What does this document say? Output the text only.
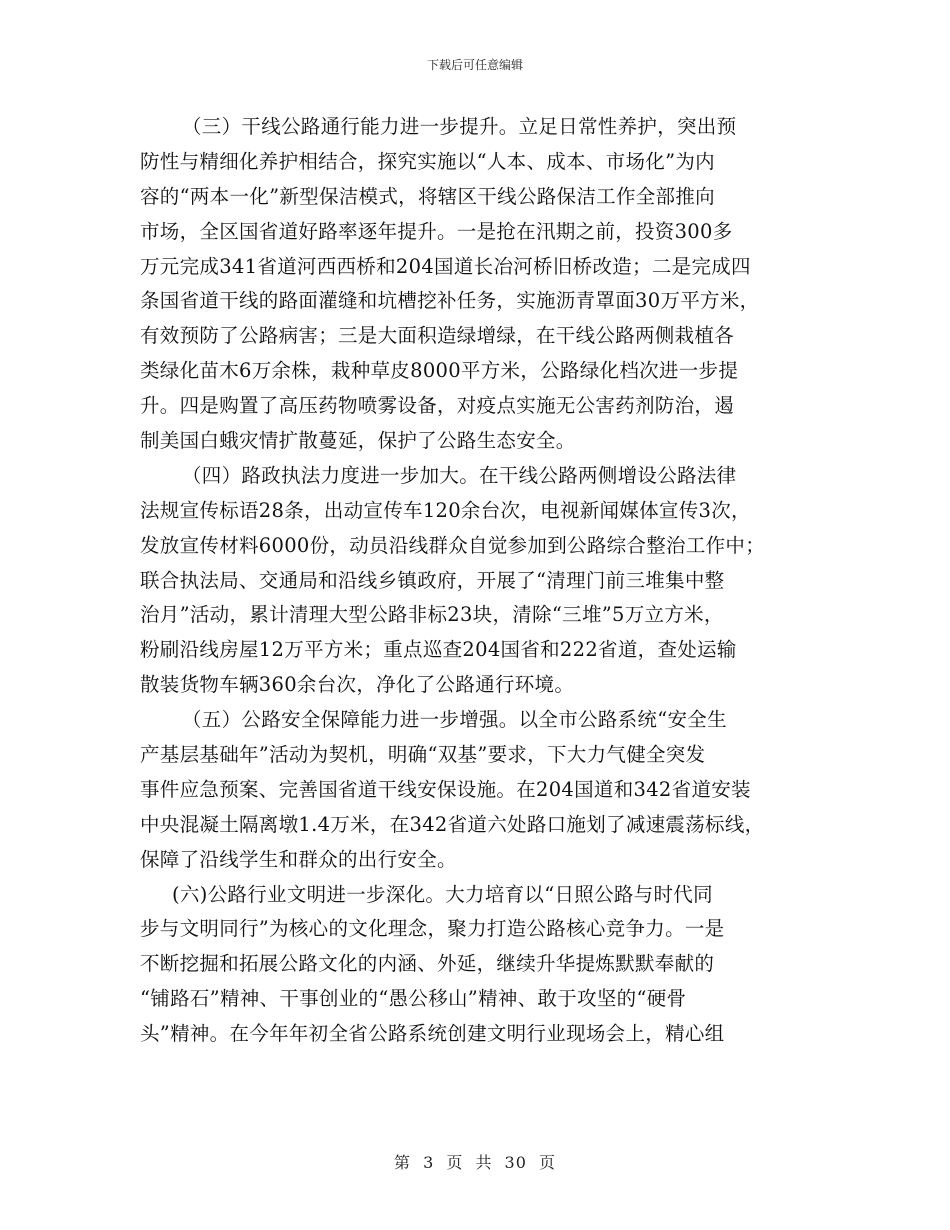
下载后可任意编辑
（三）干线公路通行能力进一步提升。立足日常性养护，突出预
防性与精细化养护相结合，探究实施以“人本、成本、市场化”为内
容的“两本一化”新型保洁模式，将辖区干线公路保洁工作全部推向
市场，全区国省道好路率逐年提升。一是抢在汛期之前，投资300多
万元完成341省道河西西桥和204国道长冶河桥旧桥改造；二是完成四
条国省道干线的路面灌缝和坑槽挖补任务，实施沥青罩面30万平方米，
有效预防了公路病害；三是大面积造绿增绿，在干线公路两侧栽植各
类绿化苗木6万余株，栽种草皮8000平方米，公路绿化档次进一步提
升。四是购置了高压药物喷雾设备，对疫点实施无公害药剂防治，遏
制美国白蛾灾情扩散蔓延，保护了公路生态安全。
（四）路政执法力度进一步加大。在干线公路两侧增设公路法律
法规宣传标语28条，出动宣传车120余台次，电视新闻媒体宣传3次，
发放宣传材料6000份，动员沿线群众自觉参加到公路综合整治工作中；
联合执法局、交通局和沿线乡镇政府，开展了“清理门前三堆集中整
治月”活动，累计清理大型公路非标23块，清除“三堆”5万立方米，
粉刷沿线房屋12万平方米；重点巡查204国省和222省道，查处运输
散装货物车辆360余台次，净化了公路通行环境。
（五）公路安全保障能力进一步增强。以全市公路系统“安全生
产基层基础年”活动为契机，明确“双基”要求，下大力气健全突发
事件应急预案、完善国省道干线安保设施。在204国道和342省道安装
中央混凝土隔离墩1.4万米，在342省道六处路口施划了减速震荡标线，
保障了沿线学生和群众的出行安全。
(六)公路行业文明进一步深化。大力培育以“日照公路与时代同
步与文明同行”为核心的文化理念，聚力打造公路核心竞争力。一是
不断挖掘和拓展公路文化的内涵、外延，继续升华提炼默默奉献的
“铺路石”精神、干事创业的“愚公移山”精神、敢于攻坚的“硬骨
头”精神。在今年年初全省公路系统创建文明行业现场会上，精心组
第 3 页 共 30 页
